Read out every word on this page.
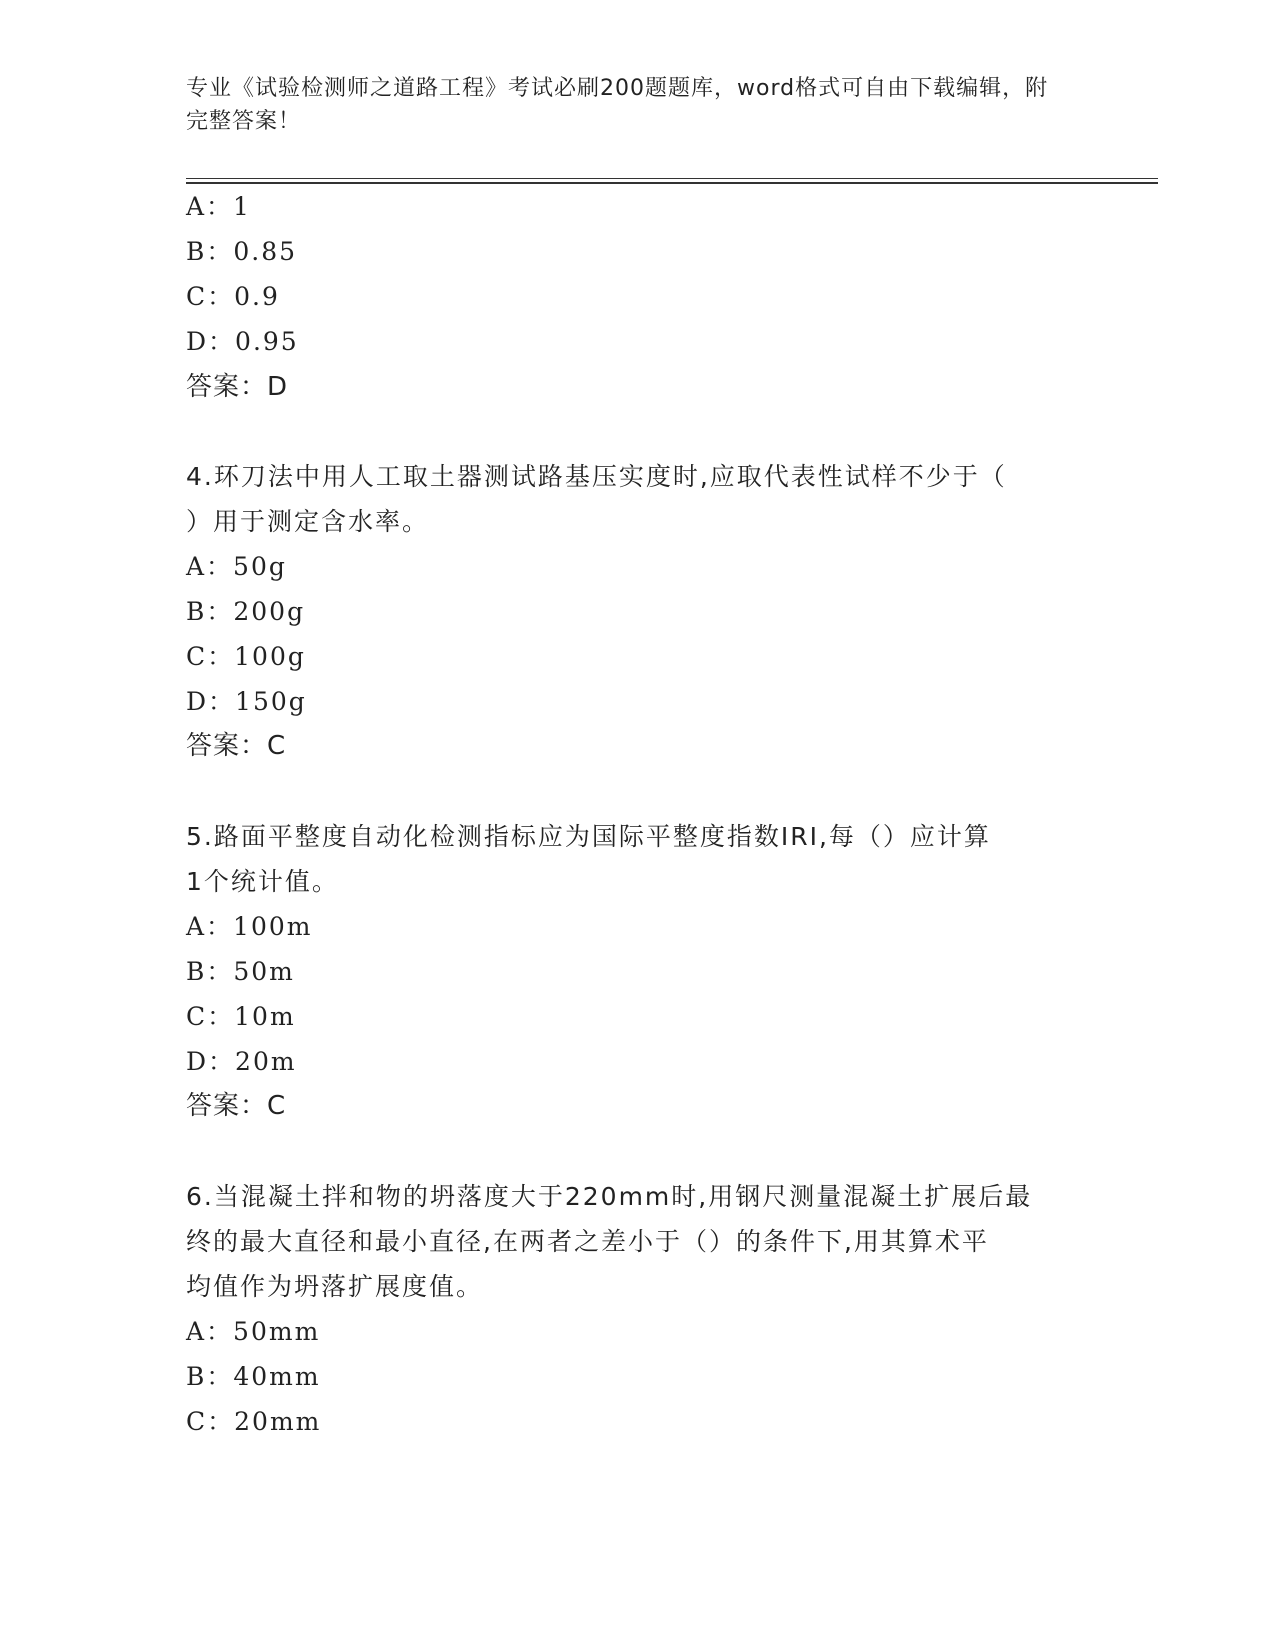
专业《试验检测师之道路工程》考试必刷200题题库，word格式可自由下载编辑，附完整答案！

A：1

B：0.85

C：0.9

D：0.95

答案：D

4.环刀法中用人工取土器测试路基压实度时,应取代表性试样不少于（

）用于测定含水率。

A：50g

B：200g

C：100g

D：150g

答案：C

5.路面平整度自动化检测指标应为国际平整度指数IRI,每（）应计算

1个统计值。

A：100m

B：50m

C：10m

D：20m

答案：C

6.当混凝土拌和物的坍落度大于220mm时,用钢尺测量混凝土扩展后最

终的最大直径和最小直径,在两者之差小于（）的条件下,用其算术平

均值作为坍落扩展度值。

A：50mm

B：40mm

C：20mm
